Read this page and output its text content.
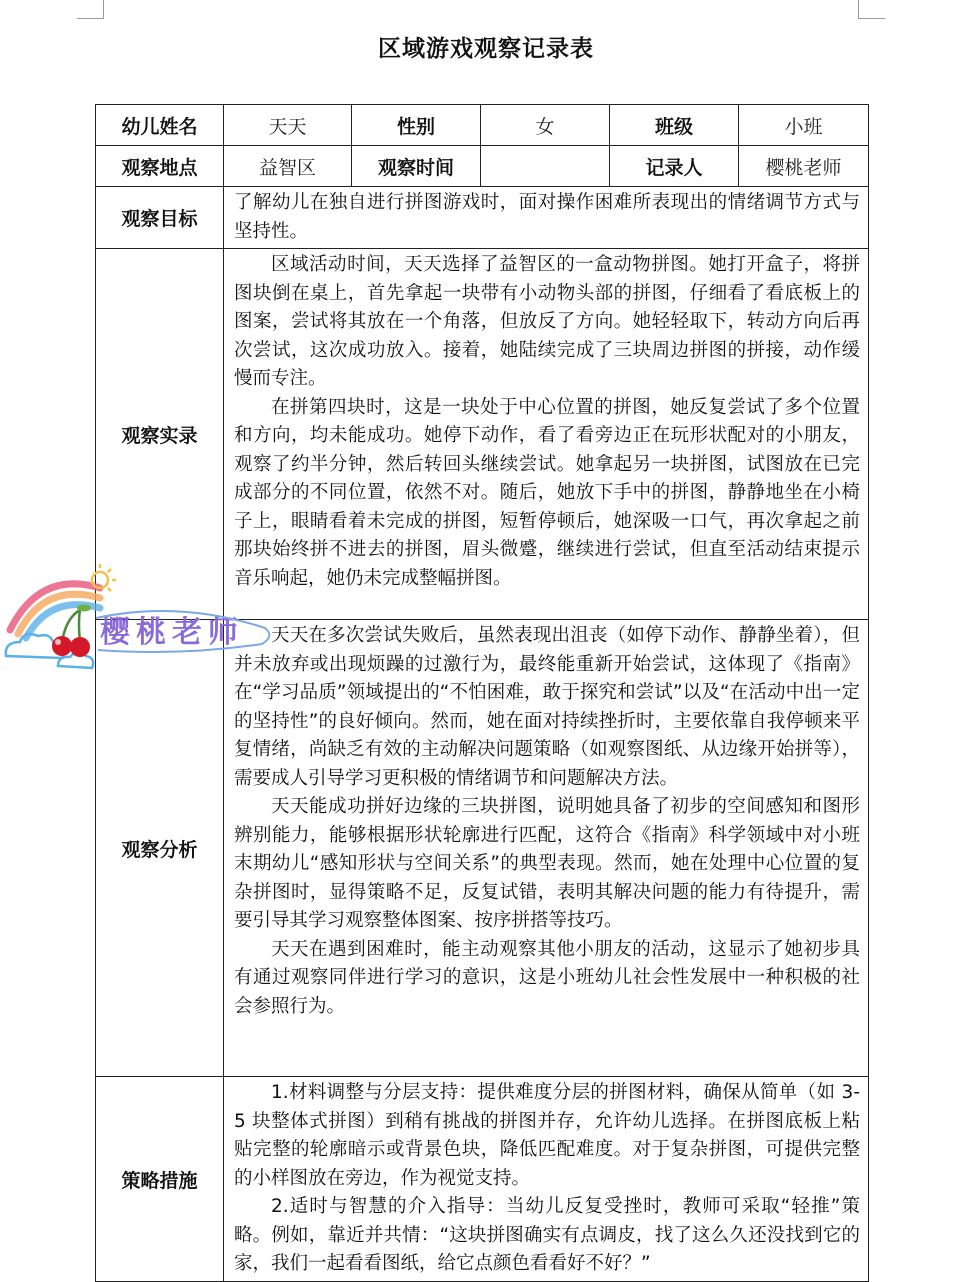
区域游戏观察记录表
幼儿姓名	天天	性别	女	班级	小班
观察地点	益智区	观察时间		记录人	樱桃老师
观察目标	了解幼儿在独自进行拼图游戏时，面对操作困难所表现出的情绪调节方式与坚持性。				

观察实录	区域活动时间，天天选择了益智区的一盒动物拼图。她打开盒子，将拼图块倒在桌上，首先拿起一块带有小动物头部的拼图，仔细看了看底板上的图案，尝试将其放在一个角落，但放反了方向。她轻轻取下，转动方向后再次尝试，这次成功放入。接着，她陆续完成了三块周边拼图的拼接，动作缓慢而专注。

在拼第四块时，这是一块处于中心位置的拼图，她反复尝试了多个位置和方向，均未能成功。她停下动作，看了看旁边正在玩形状配对的小朋友，观察了约半分钟，然后转回头继续尝试。她拿起另一块拼图，试图放在已完成部分的不同位置，依然不对。随后，她放下手中的拼图，静静地坐在小椅子上，眼睛看着未完成的拼图，短暂停顿后，她深吸一口气，再次拿起之前那块始终拼不进去的拼图，眉头微蹙，继续进行尝试，但直至活动结束提示音乐响起，她仍未完成整幅拼图。				

观察分析	天天在多次尝试失败后，虽然表现出沮丧（如停下动作、静静坐着），但并未放弃或出现烦躁的过激行为，最终能重新开始尝试，这体现了《指南》在“学习品质”领域提出的“不怕困难，敢于探究和尝试”以及“在活动中出一定的坚持性”的良好倾向。然而，她在面对持续挫折时，主要依靠自我停顿来平复情绪，尚缺乏有效的主动解决问题策略（如观察图纸、从边缘开始拼等），需要成人引导学习更积极的情绪调节和问题解决方法。

天天能成功拼好边缘的三块拼图，说明她具备了初步的空间感知和图形辨别能力，能够根据形状轮廓进行匹配，这符合《指南》科学领域中对小班末期幼儿“感知形状与空间关系”的典型表现。然而，她在处理中心位置的复杂拼图时，显得策略不足，反复试错，表明其解决问题的能力有待提升，需要引导其学习观察整体图案、按序拼搭等技巧。

天天在遇到困难时，能主动观察其他小朋友的活动，这显示了她初步具有通过观察同伴进行学习的意识，这是小班幼儿社会性发展中一种积极的社会参照行为。				

策略措施	1.材料调整与分层支持：提供难度分层的拼图材料，确保从简单（如 3-5 块整体式拼图）到稍有挑战的拼图并存，允许幼儿选择。在拼图底板上粘贴完整的轮廓暗示或背景色块，降低匹配难度。对于复杂拼图，可提供完整的小样图放在旁边，作为视觉支持。

2.适时与智慧的介入指导：当幼儿反复受挫时，教师可采取“轻推”策略。例如，靠近并共情：“这块拼图确实有点调皮，找了这么久还没找到它的家，我们一起看看图纸，给它点颜色看看好不好？”				

樱桃老师
